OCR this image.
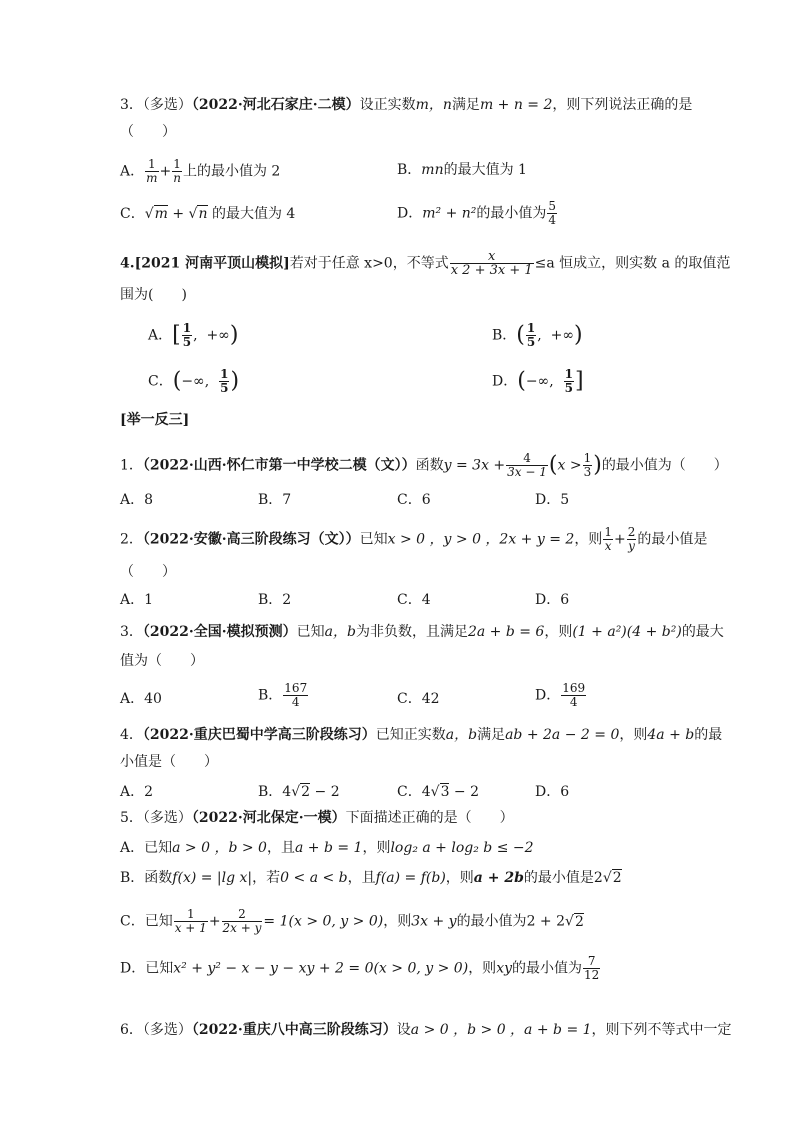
3．（多选）（2022·河北石家庄·二模）设正实数m，n满足m + n = 2，则下列说法正确的是
（　　）
A． $\frac{1}{m} + \frac{1}{n}$ 上的最小值为 2	B．mn的最大值为 1
C．√m + √n 的最大值为 4	D．m² + n²的最小值为 $\frac{5}{4}$
4.[2021 河南平顶山模拟]若对于任意 x>0，不等式 $\frac{x}{x 2 + 3x + 1} \le a$ 恒成立，则实数 a 的取值范
围为(　　)
A．[ $\frac{1}{5}$ ,  +∞)	B．( $\frac{1}{5}$ ,  +∞)
C．(−∞, $\frac{1}{5}$ )	D．(−∞, $\frac{1}{5}$ ]
[举一反三]
1．（2022·山西·怀仁市第一中学校二模（文））函数$y = 3x + \frac{4}{3x - 1} (x > \frac{1}{3}$ )的最小值为（　　）
A．8	B．7	C．6	D．5
2．（2022·安徽·高三阶段练习（文））已知x > 0 ，y > 0 ，2x + y = 2，则 $\frac{1}{x} + \frac{2}{y}$ 的最小值是
（　　）
A．1	B．2	C．4	D．6
3．（2022·全国·模拟预测）已知a，b为非负数，且满足2a + b = 6，则(1 + a²)(4 + b²)的最大
值为（　　）
A．40	B． $\frac{167}{4}$	C．42	D． $\frac{169}{4}$
4．（2022·重庆巴蜀中学高三阶段练习）已知正实数a，b满足ab + 2a − 2 = 0，则4a + b的最
小值是（　　）
A．2	B．4√2 − 2	C．4√3 − 2	D．6
5．（多选）（2022·河北保定·一模）下面描述正确的是（　　）
A．已知a > 0 ，b > 0，且a + b = 1，则log₂ a + log₂ b ≤ −2
B．函数f(x) = |lg x|，若0 < a < b，且f(a) = f(b)，则a + 2b的最小值是2√2
C．已知 $\frac{1}{x + 1} + \frac{2}{2x + y} = 1(x > 0$, y > 0)，则3x + y的最小值为2 + 2√2
D．已知x² + y² − x − y − xy + 2 = 0(x > 0, y > 0)，则xy的最小值为 $\frac{7}{12}$
6．（多选）（2022·重庆八中高三阶段练习）设a > 0 ，b > 0 ，a + b = 1，则下列不等式中一定
